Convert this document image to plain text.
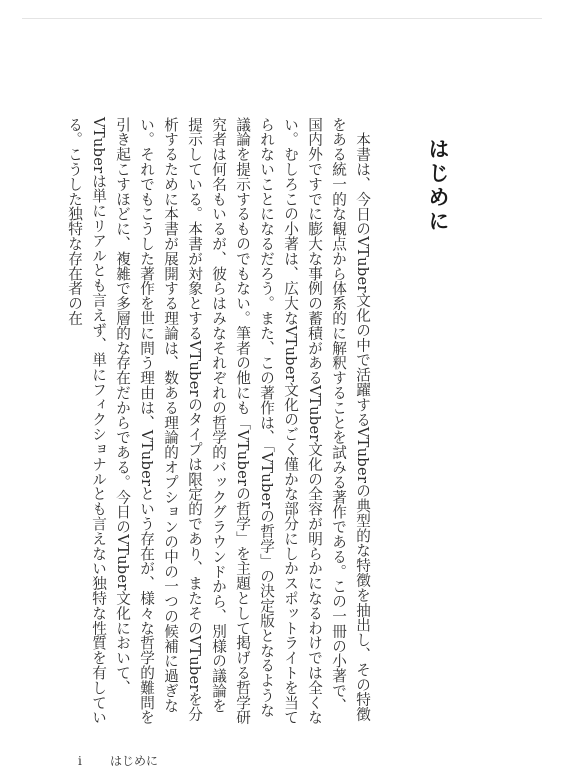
はじめに

本書は、今日のVTuber文化の中で活躍するVTuberの典型的な特徴を抽出し、その特徴をある統一的な観点から体系的に解釈することを試みる著作である。この一冊の小著で、国内外ですでに膨大な事例の蓄積があるVTuber文化の全容が明らかになるわけでは全くない。むしろこの小著は、広大なVTuber文化のごく僅かな部分にしかスポットライトを当てられないことになるだろう。また、この著作は、「VTuberの哲学」の決定版となるような議論を提示するものでもない。筆者の他にも「VTuberの哲学」を主題として掲げる哲学研究者は何名もいるが、彼らはみなそれぞれの哲学的バックグラウンドから、別様の議論を提示している。本書が対象とするVTuberのタイプは限定的であり、またそのVTuberを分析するために本書が展開する理論は、数ある理論的オプションの中の一つの候補に過ぎない。それでもこうした著作を世に問う理由は、VTuberという存在が、様々な哲学的難問を引き起こすほどに、複雑で多層的な存在だからである。今日のVTuber文化において、VTuberは単にリアルとも言えず、単にフィクショナルとも言えない独特な性質を有している。こうした独特な存在者の在

i はじめに
